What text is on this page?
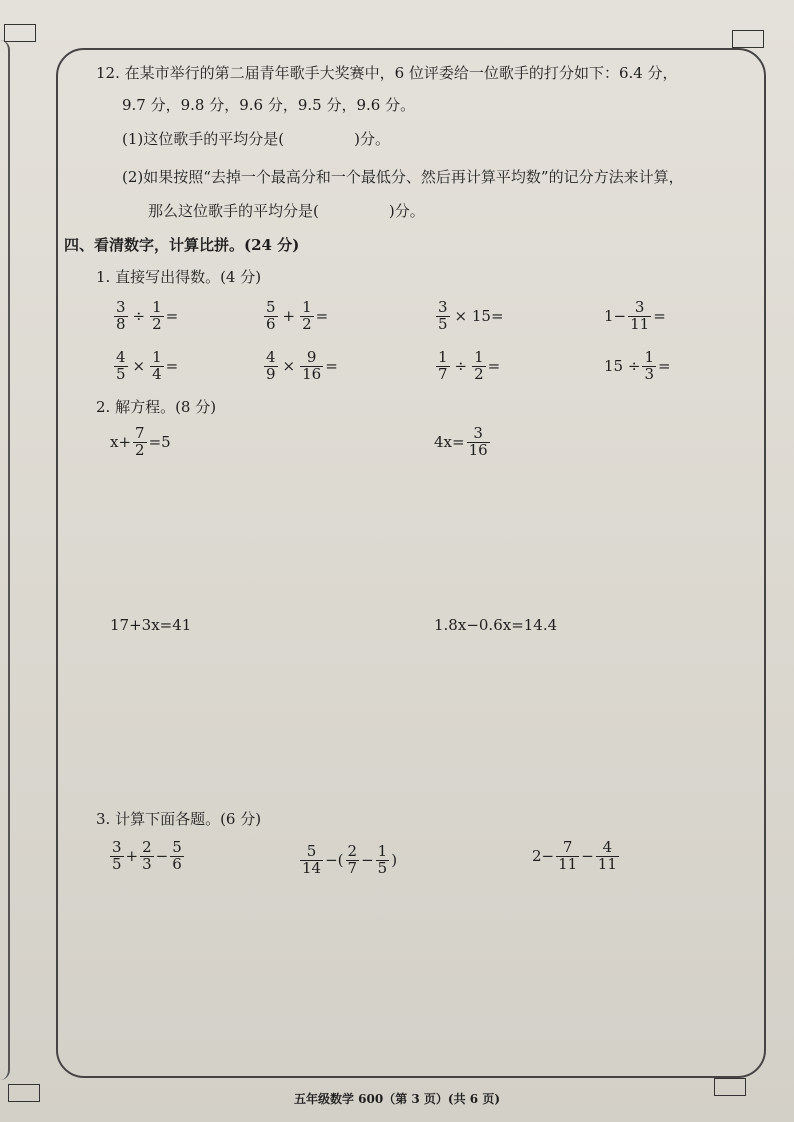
12. 在某市举行的第二届青年歌手大奖赛中，6 位评委给一位歌手的打分如下：6.4 分，
9.7 分，9.8 分，9.6 分，9.5 分，9.6 分。
(1)这位歌手的平均分是(	)分。
(2)如果按照“去掉一个最高分和一个最低分、然后再计算平均数”的记分方法来计算，
那么这位歌手的平均分是(	)分。
四、看清数字，计算比拼。(24 分)
1. 直接写出得数。(4 分)
$\frac{3}{8} \div \frac{1}{2}$ =	$\frac{5}{6} + \frac{1}{2}$ =	$\frac{3}{5} \times 15=$	$1- \frac{3}{11}$ =
$\frac{4}{5} \times \frac{1}{4}$ =	$\frac{4}{9} \times \frac{9}{16}$ =	$\frac{1}{7} \div \frac{1}{2}$ =	$15 \div \frac{1}{3}$ =
2. 解方程。(8 分)
$x+ \frac{7}{2} =5$	$4x= \frac{3}{16}$
17+3x=41	1.8x−0.6x=14.4
3. 计算下面各题。(6 分)
$\frac{3}{5} + \frac{2}{3} - \frac{5}{6}$	$\frac{5}{14}$ −( $\frac{2}{7} - \frac{1}{5}$ )	$2- \frac{7}{11} - \frac{4}{11}$
五年级数学 600（第 3 页）(共 6 页)
